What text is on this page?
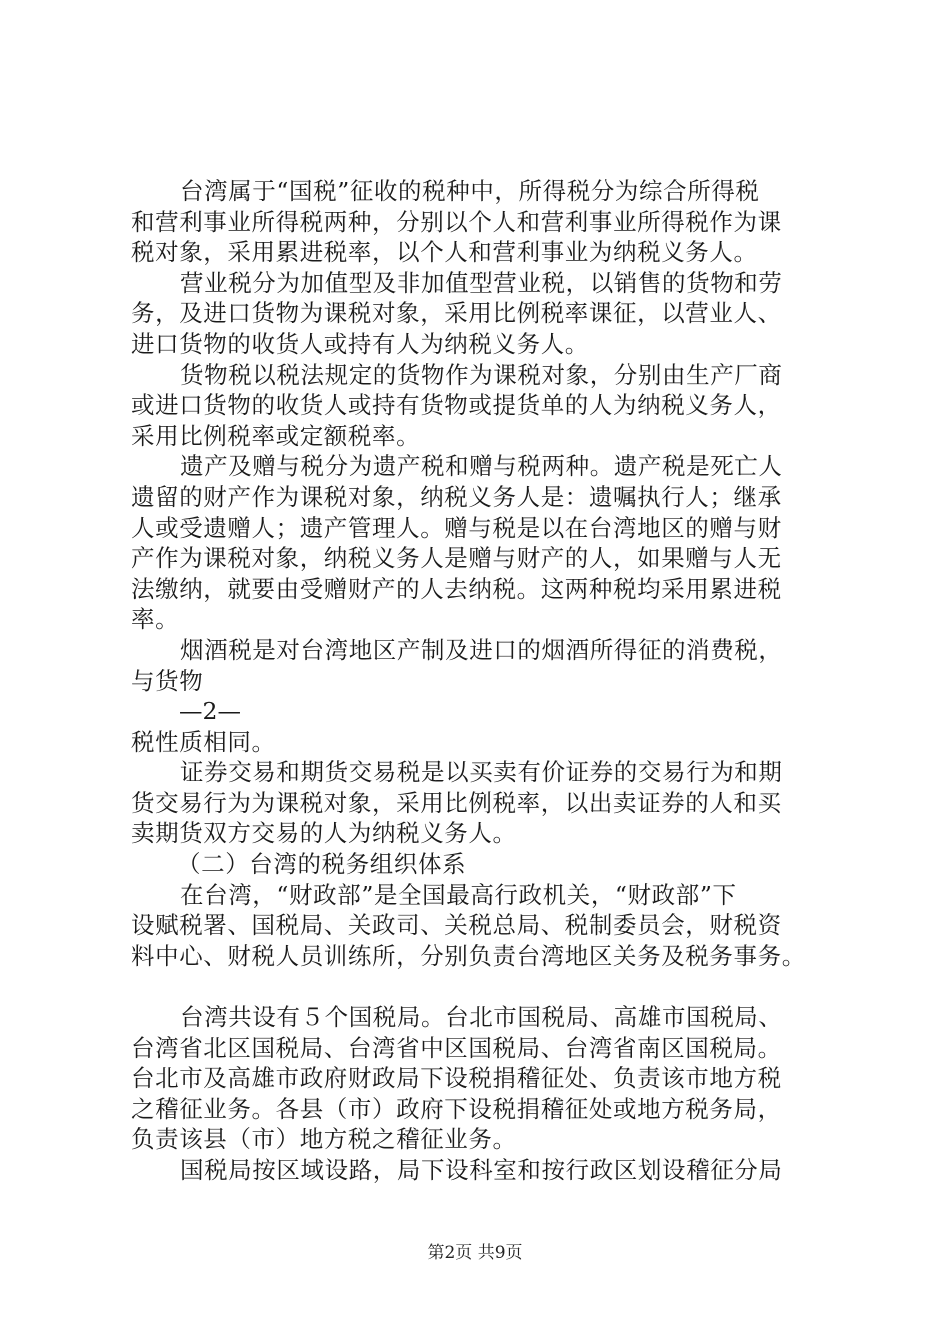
台湾属于“国税”征收的税种中，所得税分为综合所得税
和营利事业所得税两种，分别以个人和营利事业所得税作为课
税对象，采用累进税率，以个人和营利事业为纳税义务人。
营业税分为加值型及非加值型营业税，以销售的货物和劳
务，及进口货物为课税对象，采用比例税率课征，以营业人、
进口货物的收货人或持有人为纳税义务人。
货物税以税法规定的货物作为课税对象，分别由生产厂商
或进口货物的收货人或持有货物或提货单的人为纳税义务人，
采用比例税率或定额税率。
遗产及赠与税分为遗产税和赠与税两种。遗产税是死亡人
遗留的财产作为课税对象，纳税义务人是：遗嘱执行人；继承
人或受遗赠人；遗产管理人。赠与税是以在台湾地区的赠与财
产作为课税对象，纳税义务人是赠与财产的人，如果赠与人无
法缴纳，就要由受赠财产的人去纳税。这两种税均采用累进税
率。
烟酒税是对台湾地区产制及进口的烟酒所得征的消费税，
与货物
—2—
税性质相同。
证券交易和期货交易税是以买卖有价证券的交易行为和期
货交易行为为课税对象，采用比例税率，以出卖证券的人和买
卖期货双方交易的人为纳税义务人。
（二）台湾的税务组织体系
在台湾，“财政部”是全国最高行政机关，“财政部”下
设赋税署、国税局、关政司、关税总局、税制委员会，财税资
料中心、财税人员训练所，分别负责台湾地区关务及税务事务。
台湾共设有５个国税局。台北市国税局、高雄市国税局、
台湾省北区国税局、台湾省中区国税局、台湾省南区国税局。
台北市及高雄市政府财政局下设税捐稽征处、负责该市地方税
之稽征业务。各县（市）政府下设税捐稽征处或地方税务局，
负责该县（市）地方税之稽征业务。
国税局按区域设路，局下设科室和按行政区划设稽征分局
第2页 共9页
